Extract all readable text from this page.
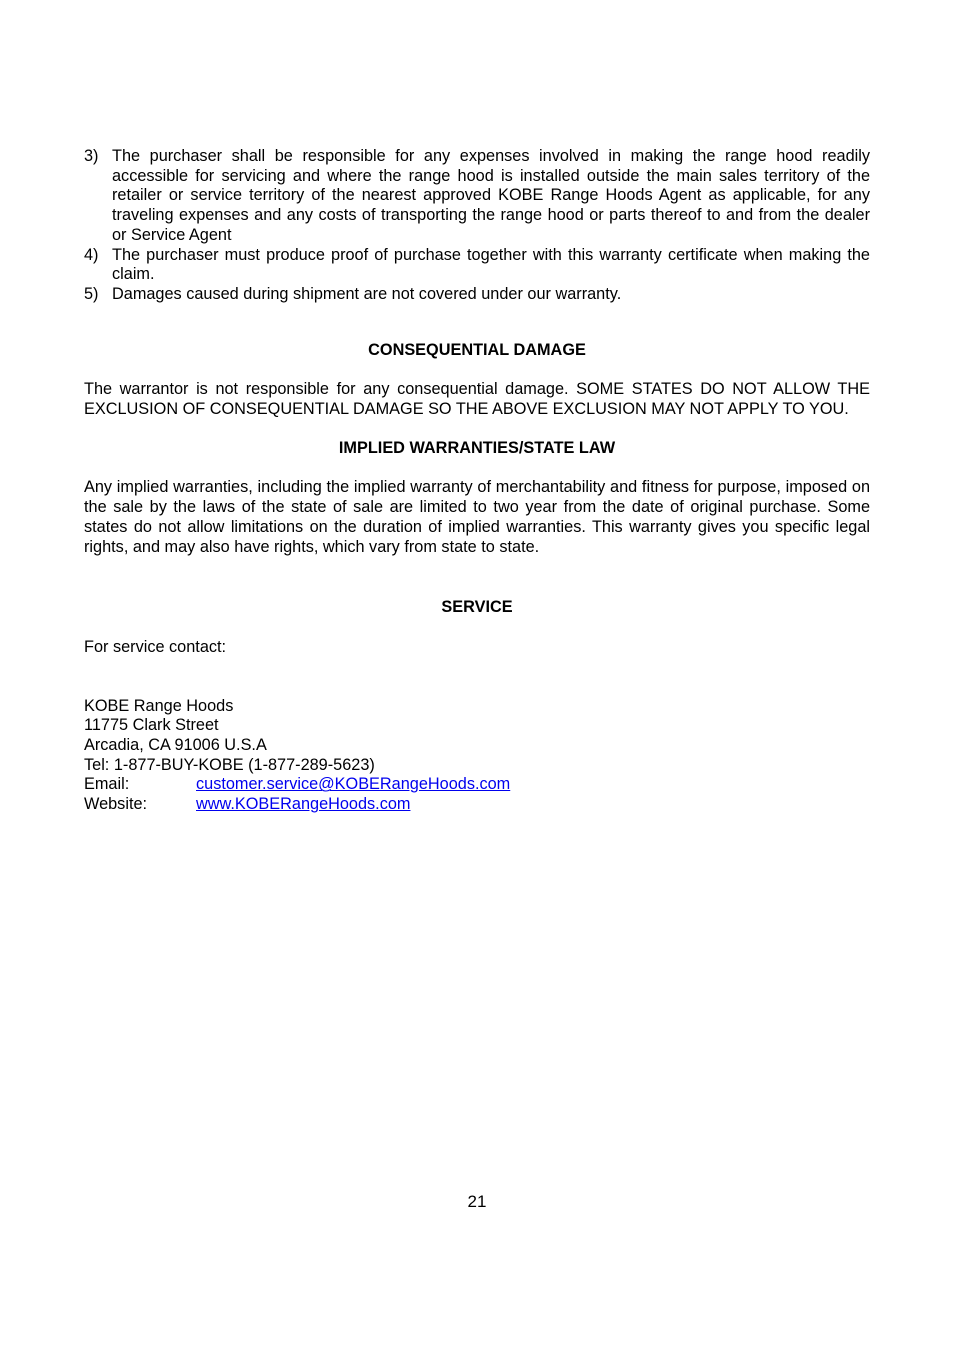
3) The purchaser shall be responsible for any expenses involved in making the range hood readily accessible for servicing and where the range hood is installed outside the main sales territory of the retailer or service territory of the nearest approved KOBE Range Hoods Agent as applicable, for any traveling expenses and any costs of transporting the range hood or parts thereof to and from the dealer or Service Agent
4) The purchaser must produce proof of purchase together with this warranty certificate when making the claim.
5) Damages caused during shipment are not covered under our warranty.

CONSEQUENTIAL DAMAGE

The warrantor is not responsible for any consequential damage. SOME STATES DO NOT ALLOW THE EXCLUSION OF CONSEQUENTIAL DAMAGE SO THE ABOVE EXCLUSION MAY NOT APPLY TO YOU.

IMPLIED WARRANTIES/STATE LAW

Any implied warranties, including the implied warranty of merchantability and fitness for purpose, imposed on the sale by the laws of the state of sale are limited to two year from the date of original purchase. Some states do not allow limitations on the duration of implied warranties. This warranty gives you specific legal rights, and may also have rights, which vary from state to state.

SERVICE

For service contact:

KOBE Range Hoods
11775 Clark Street
Arcadia, CA 91006 U.S.A
Tel: 1-877-BUY-KOBE (1-877-289-5623)
Email:	customer.service@KOBERangeHoods.com
Website:	www.KOBERangeHoods.com
21
